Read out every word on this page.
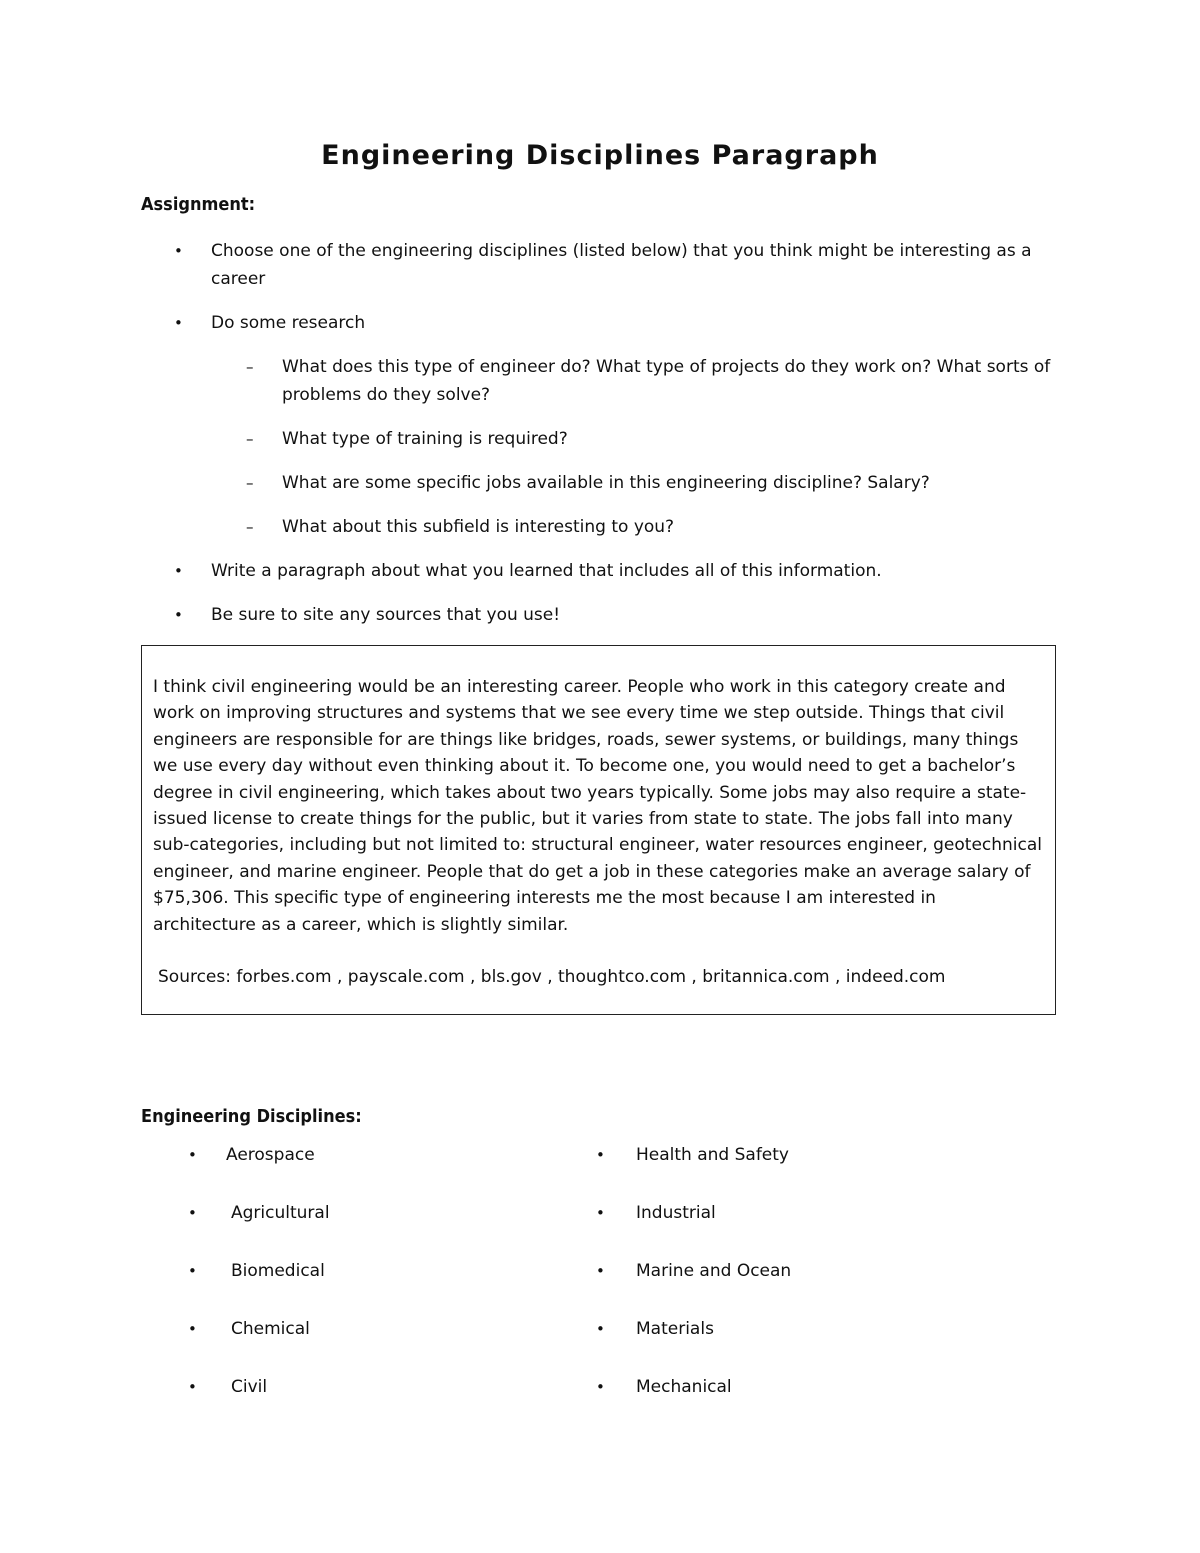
Engineering Disciplines Paragraph
Assignment:
• Choose one of the engineering disciplines (listed below) that you think might be interesting as a career
• Do some research
– What does this type of engineer do? What type of projects do they work on? What sorts of problems do they solve?
– What type of training is required?
– What are some specific jobs available in this engineering discipline? Salary?
– What about this subfield is interesting to you?
• Write a paragraph about what you learned that includes all of this information.
• Be sure to site any sources that you use!

I think civil engineering would be an interesting career. People who work in this category create and work on improving structures and systems that we see every time we step outside. Things that civil engineers are responsible for are things like bridges, roads, sewer systems, or buildings, many things we use every day without even thinking about it. To become one, you would need to get a bachelor’s degree in civil engineering, which takes about two years typically. Some jobs may also require a state-issued license to create things for the public, but it varies from state to state. The jobs fall into many sub-categories, including but not limited to: structural engineer, water resources engineer, geotechnical engineer, and marine engineer. People that do get a job in these categories make an average salary of $75,306. This specific type of engineering interests me the most because I am interested in architecture as a career, which is slightly similar.

Sources: forbes.com , payscale.com , bls.gov , thoughtco.com , britannica.com , indeed.com

Engineering Disciplines:
• Aerospace
• Agricultural
• Biomedical
• Chemical
• Civil
• Health and Safety
• Industrial
• Marine and Ocean
• Materials
• Mechanical
